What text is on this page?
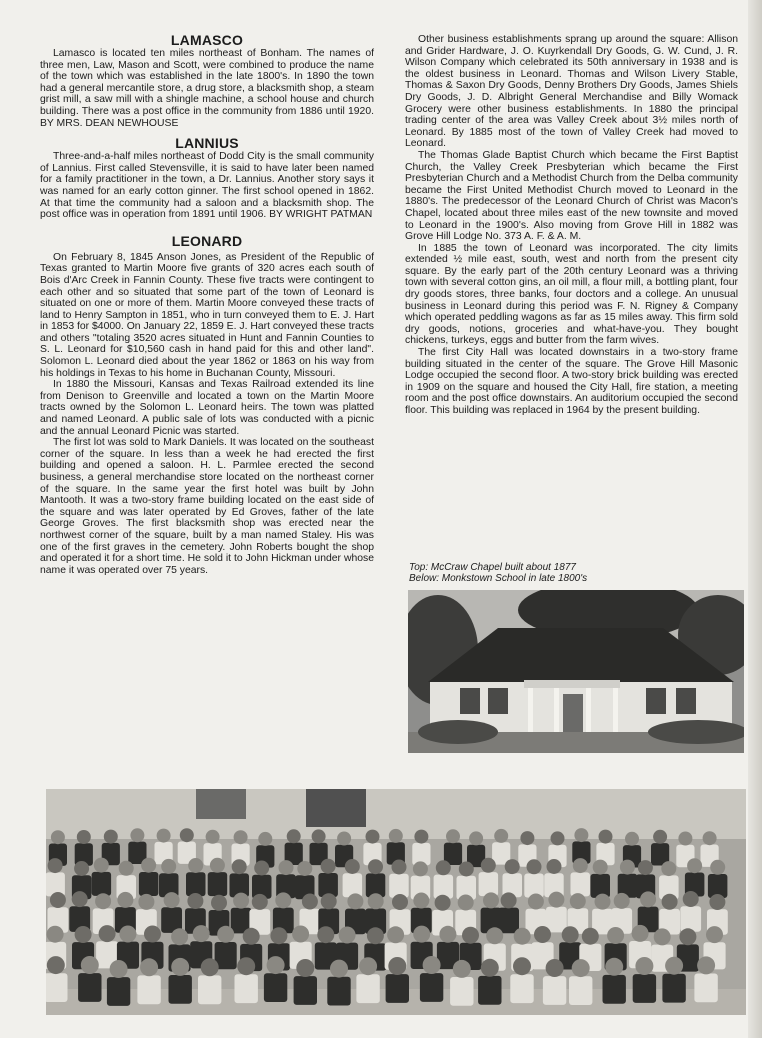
LAMASCO

Lamasco is located ten miles northeast of Bonham. The names of three men, Law, Mason and Scott, were combined to produce the name of the town which was established in the late 1800's. In 1890 the town had a general mercantile store, a drug store, a blacksmith shop, a steam grist mill, a saw mill with a shingle machine, a school house and church building. There was a post office in the community from 1886 until 1920. BY MRS. DEAN NEWHOUSE

LANNIUS

Three-and-a-half miles northeast of Dodd City is the small community of Lannius. First called Stevensville, it is said to have later been named for a family practitioner in the town, a Dr. Lannius. Another story says it was named for an early cotton ginner. The first school opened in 1862. At that time the community had a saloon and a blacksmith shop. The post office was in operation from 1891 until 1906. BY WRIGHT PATMAN

LEONARD

On February 8, 1845 Anson Jones, as President of the Republic of Texas granted to Martin Moore five grants of 320 acres each south of Bois d'Arc Creek in Fannin County. These five tracts were contingent to each other and so situated that some part of the town of Leonard is situated on one or more of them. Martin Moore conveyed these tracts of land to Henry Sampton in 1851, who in turn conveyed them to E. J. Hart in 1853 for $4000. On January 22, 1859 E. J. Hart conveyed these tracts and others "totaling 3520 acres situated in Hunt and Fannin Counties to S. L. Leonard for $10,560 cash in hand paid for this and other land". Solomon L. Leonard died about the year 1862 or 1863 on his way from his holdings in Texas to his home in Buchanan County, Missouri.

In 1880 the Missouri, Kansas and Texas Railroad extended its line from Denison to Greenville and located a town on the Martin Moore tracts owned by the Solomon L. Leonard heirs. The town was platted and named Leonard. A public sale of lots was conducted with a picnic and the annual Leonard Picnic was started.

The first lot was sold to Mark Daniels. It was located on the southeast corner of the square. In less than a week he had erected the first building and opened a saloon. H. L. Parmlee erected the second business, a general merchandise store located on the northeast corner of the square. In the same year the first hotel was built by John Mantooth. It was a two-story frame building located on the east side of the square and was later operated by Ed Groves, father of the late George Groves. The first blacksmith shop was erected near the northwest corner of the square, built by a man named Staley. His was one of the first graves in the cemetery. John Roberts bought the shop and operated it for a short time. He sold it to John Hickman under whose name it was operated over 75 years.

Other business establishments sprang up around the square: Allison and Grider Hardware, J. O. Kuyrkendall Dry Goods, G. W. Cund, J. R. Wilson Company which celebrated its 50th anniversary in 1938 and is the oldest business in Leonard. Thomas and Wilson Livery Stable, Thomas & Saxon Dry Goods, Denny Brothers Dry Goods, James Shiels Dry Goods, J. D. Albright General Merchandise and Billy Womack Grocery were other business establishments. In 1880 the principal trading center of the area was Valley Creek about 3½ miles north of Leonard. By 1885 most of the town of Valley Creek had moved to Leonard.

The Thomas Glade Baptist Church which became the First Baptist Church, the Valley Creek Presbyterian which became the First Presbyterian Church and a Methodist Church from the Delba community became the First United Methodist Church moved to Leonard in the 1880's. The predecessor of the Leonard Church of Christ was Macon's Chapel, located about three miles east of the new townsite and moved to Leonard in the 1900's. Also moving from Grove Hill in 1882 was Grove Hill Lodge No. 373 A. F. & A. M.

In 1885 the town of Leonard was incorporated. The city limits extended ½ mile east, south, west and north from the present city square. By the early part of the 20th century Leonard was a thriving town with several cotton gins, an oil mill, a flour mill, a bottling plant, four dry goods stores, three banks, four doctors and a college. An unusual business in Leonard during this period was F. N. Rigney & Company which operated peddling wagons as far as 15 miles away. This firm sold dry goods, notions, groceries and what-have-you. They bought chickens, turkeys, eggs and butter from the farm wives.

The first City Hall was located downstairs in a two-story frame building situated in the center of the square. The Grove Hill Masonic Lodge occupied the second floor. A two-story brick building was erected in 1909 on the square and housed the City Hall, fire station, a meeting room and the post office downstairs. An auditorium occupied the second floor. This building was replaced in 1964 by the present building.

Top: McCraw Chapel built about 1877
Below: Monkstown School in late 1800's
